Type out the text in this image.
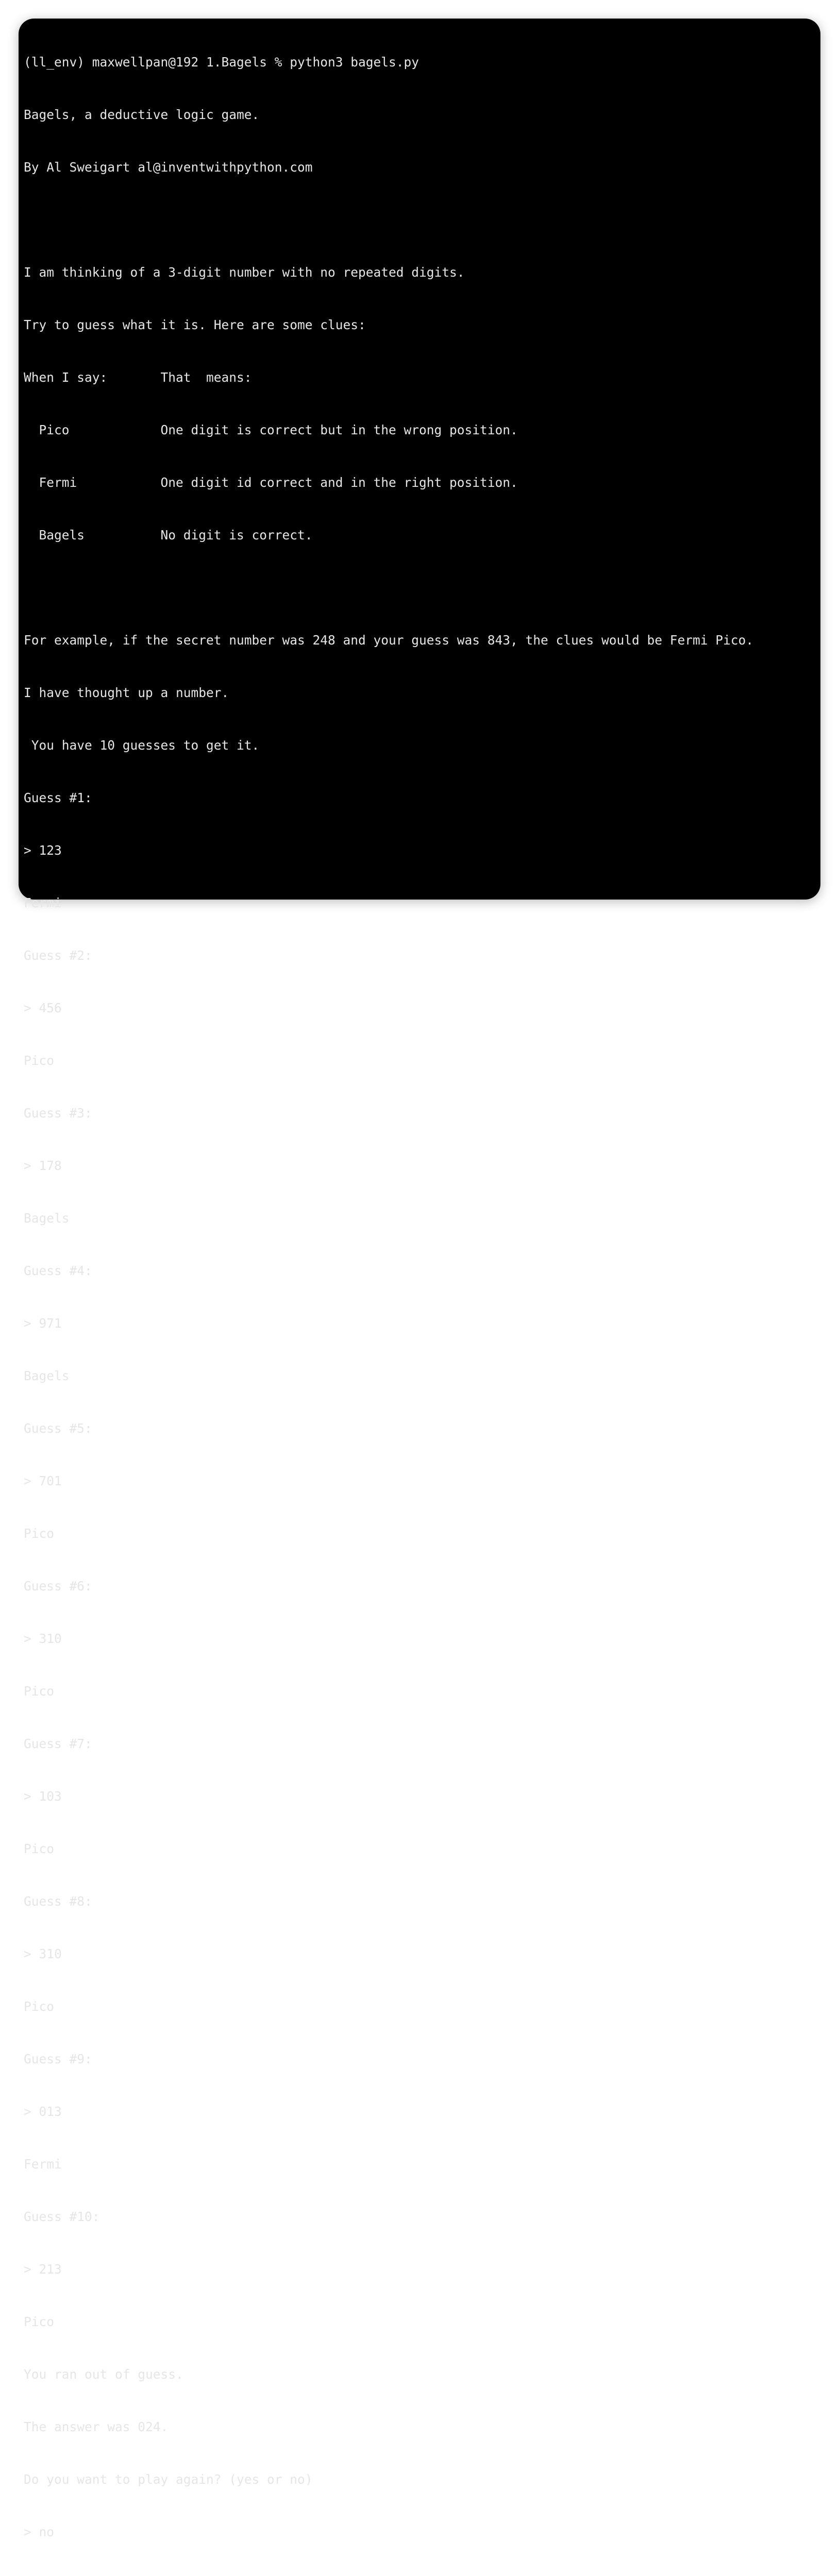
(ll_env) maxwellpan@192 1.Bagels % python3 bagels.py

Bagels, a deductive logic game.

By Al Sweigart al@inventwithpython.com

I am thinking of a 3-digit number with no repeated digits.

Try to guess what it is. Here are some clues:

When I say:       That  means:

Pico            One digit is correct but in the wrong position.

Fermi           One digit id correct and in the right position.

Bagels          No digit is correct.

For example, if the secret number was 248 and your guess was 843, the clues would be Fermi Pico.

I have thought up a number.

You have 10 guesses to get it.

Guess #1:

> 123

Fermi

Guess #2:

> 456

Pico

Guess #3:

> 178

Bagels

Guess #4:

> 971

Bagels

Guess #5:

> 701

Pico

Guess #6:

> 310

Pico

Guess #7:

> 103

Pico

Guess #8:

> 310

Pico

Guess #9:

> 013

Fermi

Guess #10:

> 213

Pico

You ran out of guess.

The answer was 024.

Do you want to play again? (yes or no)

> no
